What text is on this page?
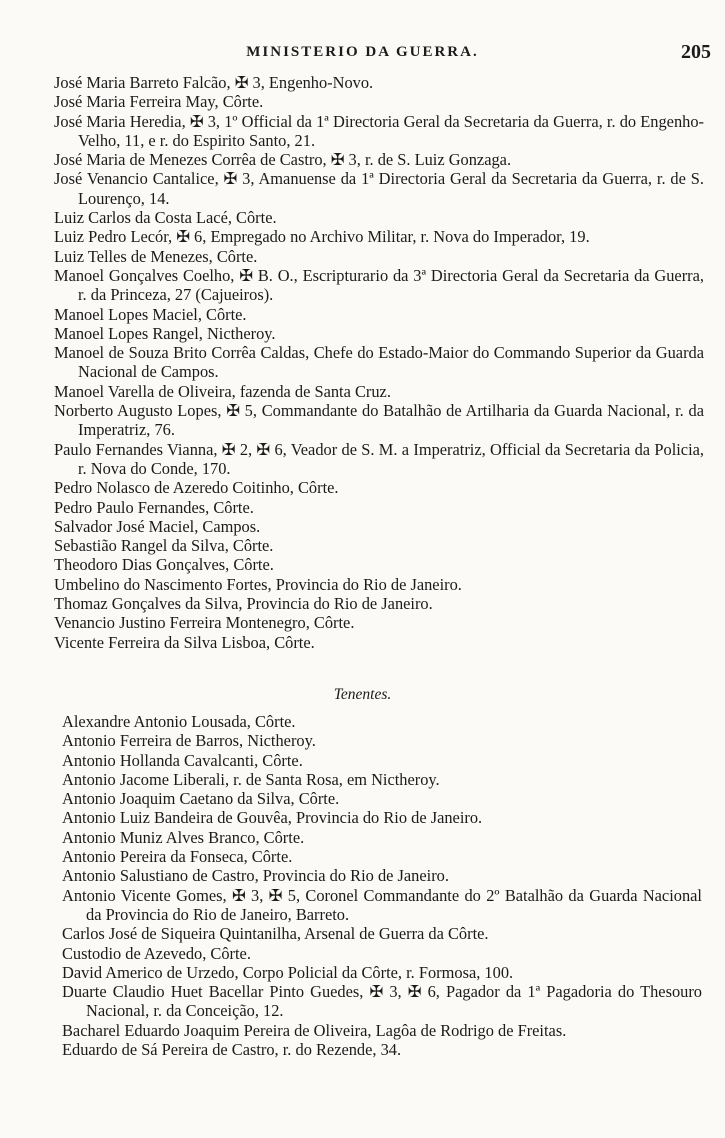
MINISTERIO DA GUERRA.	205
José Maria Barreto Falcão, ✠ 3, Engenho-Novo.
José Maria Ferreira May, Côrte.
José Maria Heredia, ✠ 3, 1º Official da 1ª Directoria Geral da Secretaria da Guerra, r. do Engenho-Velho, 11, e r. do Espirito Santo, 21.
José Maria de Menezes Corrêa de Castro, ✠ 3, r. de S. Luiz Gonzaga.
José Venancio Cantalice, ✠ 3, Amanuense da 1ª Directoria Geral da Secretaria da Guerra, r. de S. Lourenço, 14.
Luiz Carlos da Costa Lacé, Côrte.
Luiz Pedro Lecór, ✠ 6, Empregado no Archivo Militar, r. Nova do Imperador, 19.
Luiz Telles de Menezes, Côrte.
Manoel Gonçalves Coelho, ✠ B. O., Escripturario da 3ª Directoria Geral da Secretaria da Guerra, r. da Princeza, 27 (Cajueiros).
Manoel Lopes Maciel, Côrte.
Manoel Lopes Rangel, Nictheroy.
Manoel de Souza Brito Corrêa Caldas, Chefe do Estado-Maior do Commando Superior da Guarda Nacional de Campos.
Manoel Varella de Oliveira, fazenda de Santa Cruz.
Norberto Augusto Lopes, ✠ 5, Commandante do Batalhão de Artilharia da Guarda Nacional, r. da Imperatriz, 76.
Paulo Fernandes Vianna, ✠ 2, ✠ 6, Veador de S. M. a Imperatriz, Official da Secretaria da Policia, r. Nova do Conde, 170.
Pedro Nolasco de Azeredo Coitinho, Côrte.
Pedro Paulo Fernandes, Côrte.
Salvador José Maciel, Campos.
Sebastião Rangel da Silva, Côrte.
Theodoro Dias Gonçalves, Côrte.
Umbelino do Nascimento Fortes, Provincia do Rio de Janeiro.
Thomaz Gonçalves da Silva, Provincia do Rio de Janeiro.
Venancio Justino Ferreira Montenegro, Côrte.
Vicente Ferreira da Silva Lisboa, Côrte.
Tenentes.
Alexandre Antonio Lousada, Côrte.
Antonio Ferreira de Barros, Nictheroy.
Antonio Hollanda Cavalcanti, Côrte.
Antonio Jacome Liberali, r. de Santa Rosa, em Nictheroy.
Antonio Joaquim Caetano da Silva, Côrte.
Antonio Luiz Bandeira de Gouvêa, Provincia do Rio de Janeiro.
Antonio Muniz Alves Branco, Côrte.
Antonio Pereira da Fonseca, Côrte.
Antonio Salustiano de Castro, Provincia do Rio de Janeiro.
Antonio Vicente Gomes, ✠ 3, ✠ 5, Coronel Commandante do 2º Batalhão da Guarda Nacional da Provincia do Rio de Janeiro, Barreto.
Carlos José de Siqueira Quintanilha, Arsenal de Guerra da Côrte.
Custodio de Azevedo, Côrte.
David Americo de Urzedo, Corpo Policial da Côrte, r. Formosa, 100.
Duarte Claudio Huet Bacellar Pinto Guedes, ✠ 3, ✠ 6, Pagador da 1ª Pagadoria do Thesouro Nacional, r. da Conceição, 12.
Bacharel Eduardo Joaquim Pereira de Oliveira, Lagôa de Rodrigo de Freitas.
Eduardo de Sá Pereira de Castro, r. do Rezende, 34.
